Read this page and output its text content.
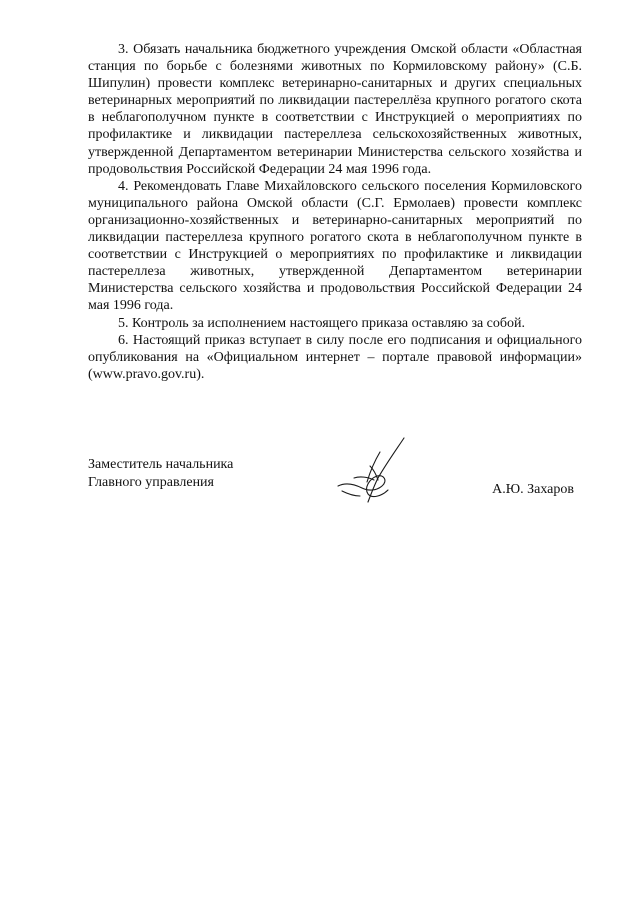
3. Обязать начальника бюджетного учреждения Омской области «Областная станция по борьбе с болезнями животных по Кормиловскому району» (С.Б. Шипулин) провести комплекс ветеринарно-санитарных и других специальных ветеринарных мероприятий по ликвидации пастереллёза крупного рогатого скота в неблагополучном пункте в соответствии с Инструкцией о мероприятиях по профилактике и ликвидации пастереллеза сельскохозяйственных животных, утвержденной Департаментом ветеринарии Министерства сельского хозяйства и продовольствия Российской Федерации 24 мая 1996 года.

4. Рекомендовать Главе Михайловского сельского поселения Кормиловского муниципального района Омской области (С.Г. Ермолаев) провести комплекс организационно-хозяйственных и ветеринарно-санитарных мероприятий по ликвидации пастереллеза крупного рогатого скота в неблагополучном пункте в соответствии с Инструкцией о мероприятиях по профилактике и ликвидации пастереллеза животных, утвержденной Департаментом ветеринарии Министерства сельского хозяйства и продовольствия Российской Федерации 24 мая 1996 года.

5. Контроль за исполнением настоящего приказа оставляю за собой.

6. Настоящий приказ вступает в силу после его подписания и официального опубликования на «Официальном интернет – портале правовой информации» (www.pravo.gov.ru).

Заместитель начальника
Главного управления	А.Ю. Захаров
